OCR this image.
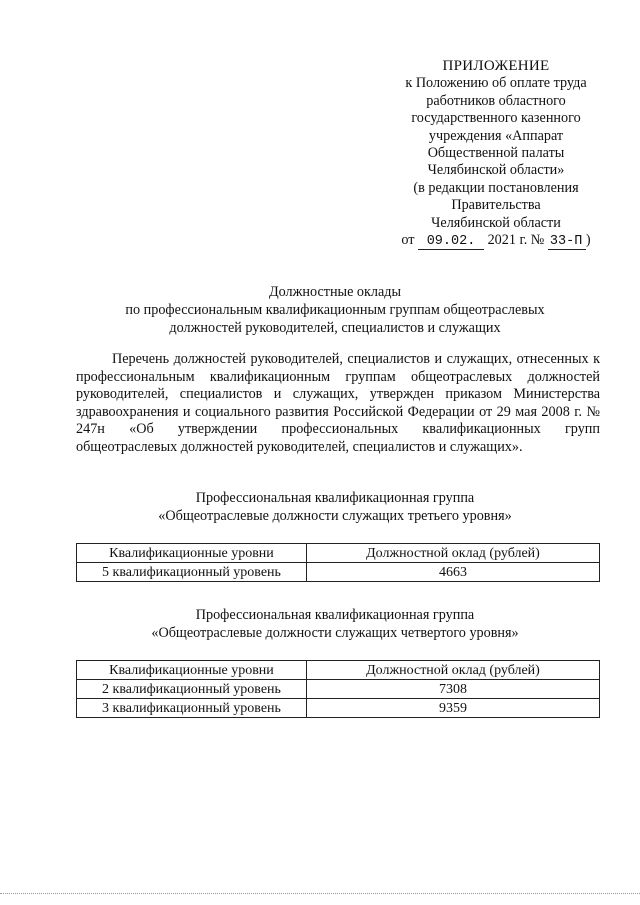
ПРИЛОЖЕНИЕ
к Положению об оплате труда
работников областного
государственного казенного
учреждения «Аппарат
Общественной палаты
Челябинской области»
(в редакции постановления
Правительства
Челябинской области
от 09.02. 2021 г. № 33-П )
Должностные оклады
по профессиональным квалификационным группам общеотраслевых
должностей руководителей, специалистов и служащих
Перечень должностей руководителей, специалистов и служащих, отнесенных к профессиональным квалификационным группам общеотраслевых должностей руководителей, специалистов и служащих, утвержден приказом Министерства здравоохранения и социального развития Российской Федерации от 29 мая 2008 г. № 247н «Об утверждении профессиональных квалификационных групп общеотраслевых должностей руководителей, специалистов и служащих».
Профессиональная квалификационная группа
«Общеотраслевые должности служащих третьего уровня»
Квалификационные уровни	Должностной оклад (рублей)
5 квалификационный уровень	4663
Профессиональная квалификационная группа
«Общеотраслевые должности служащих четвертого уровня»
Квалификационные уровни	Должностной оклад (рублей)
2 квалификационный уровень	7308
3 квалификационный уровень	9359
